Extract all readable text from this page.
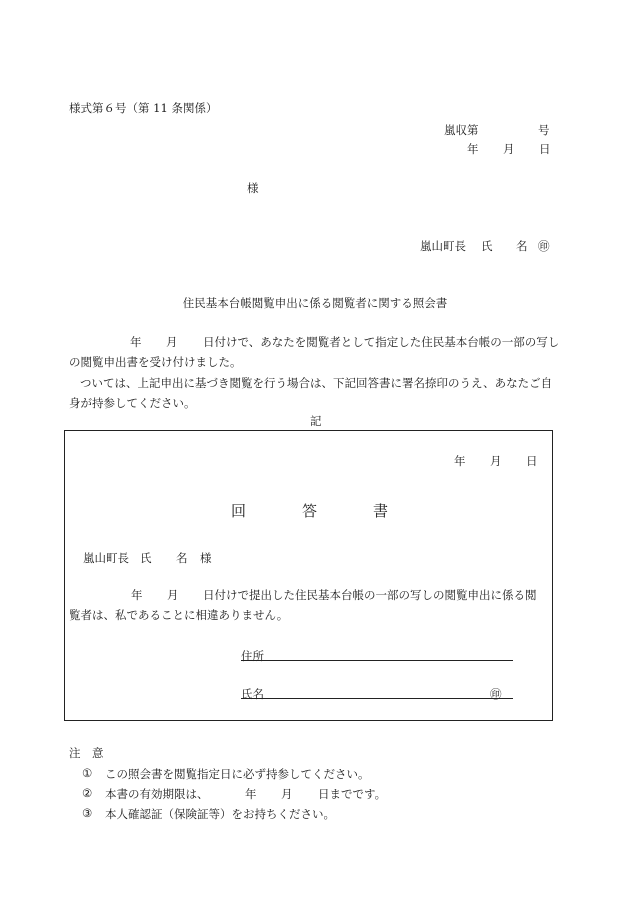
様式第６号（第 11 条関係）
嵐収第	号
年 月 日
様
嵐山町長 氏 名 ㊞
住民基本台帳閲覧申出に係る閲覧者に関する照会書
年 月 日付けで、あなたを閲覧者として指定した住民基本台帳の一部の写し
の閲覧申出書を受け付けました。
ついては、上記申出に基づき閲覧を行う場合は、下記回答書に署名捺印のうえ、あなたご自
身が持参してください。
記
年 月 日
回	答	書
嵐山町長 氏 名 様
年 月 日付けで提出した住民基本台帳の一部の写しの閲覧申出に係る閲
覧者は、私であることに相違ありません。
住所
氏名	㊞
注　意
① この照会書を閲覧指定日に必ず持参してください。
② 本書の有効期限は、	年 月 日までです。
③ 本人確認証（保険証等）をお持ちください。
